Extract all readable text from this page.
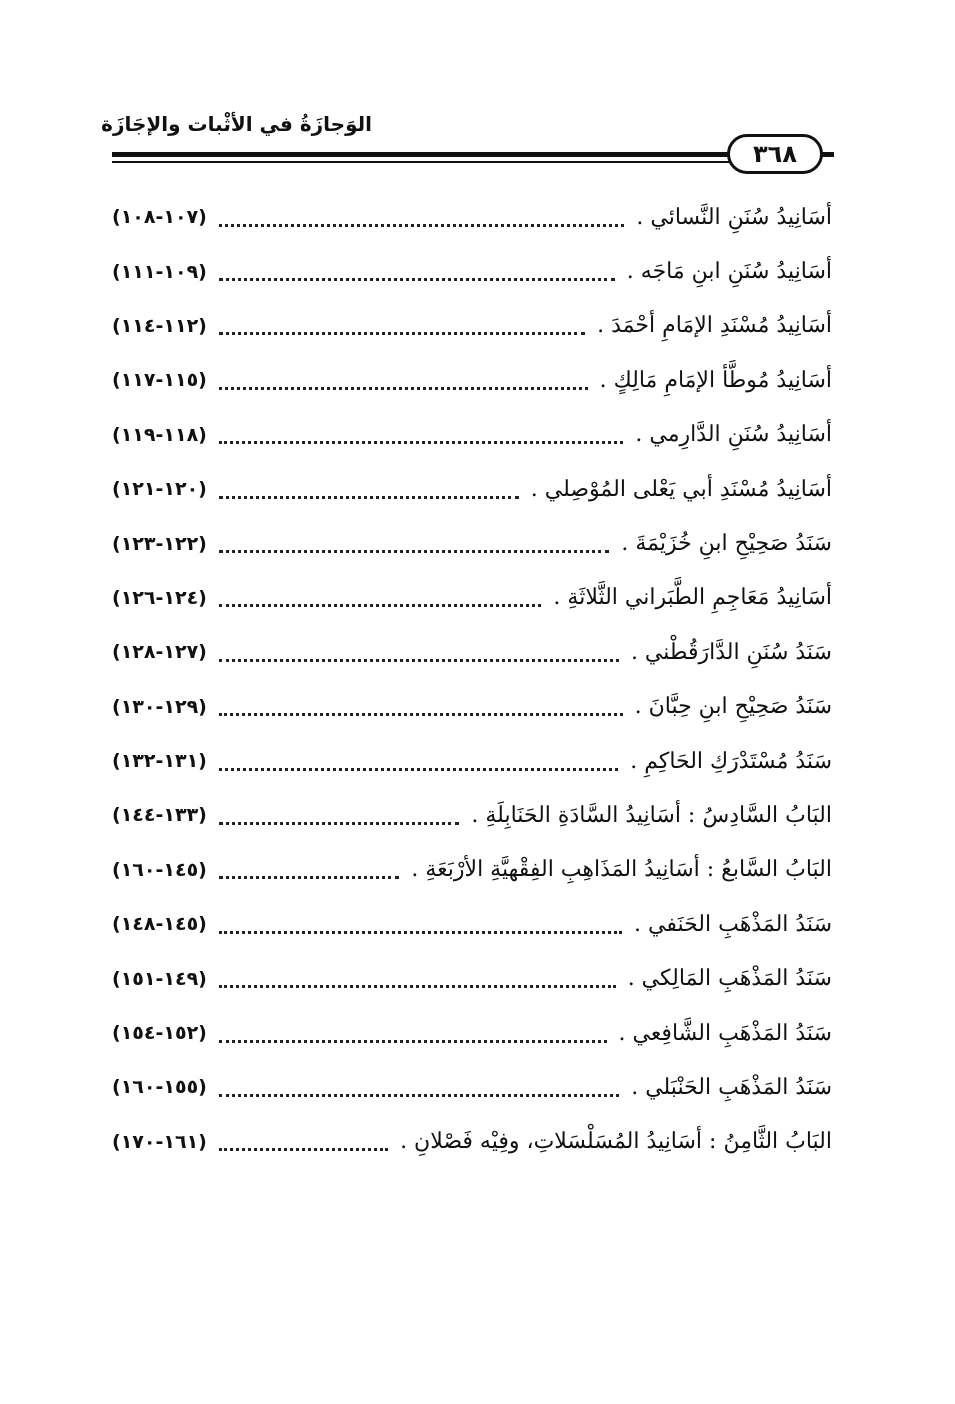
الوَجازَةُ في الأثْبات والإجَازَة
٣٦٨
(١٠٧-١٠٨)	أسَانِيدُ سُنَنِ النَّسائي .
(١٠٩-١١١)	أسَانِيدُ سُنَنِ ابنِ مَاجَه .
(١١٢-١١٤)	أسَانِيدُ مُسْنَدِ الإمَامِ أحْمَدَ .
(١١٥-١١٧)	أسَانِيدُ مُوطَّأ الإمَامِ مَالِكٍ .
(١١٨-١١٩)	أسَانِيدُ سُنَنِ الدَّارِمي .
(١٢٠-١٢١)	أسَانِيدُ مُسْنَدِ أبي يَعْلى المُوْصِلي .
(١٢٢-١٢٣)	سَنَدُ صَحِيْحِ ابنِ خُزَيْمَةَ .
(١٢٤-١٢٦)	أسَانِيدُ مَعَاجِمِ الطَّبَراني الثَّلاثَةِ .
(١٢٧-١٢٨)	سَنَدُ سُنَنِ الدَّارَقُطْني .
(١٢٩-١٣٠)	سَنَدُ صَحِيْحِ ابنِ حِبَّانَ .
(١٣١-١٣٢)	سَنَدُ مُسْتَدْرَكِ الحَاكِمِ .
(١٣٣-١٤٤)	البَابُ السَّادِسُ : أسَانِيدُ السَّادَةِ الحَنَابِلَةِ .
(١٤٥-١٦٠)	البَابُ السَّابعُ : أسَانِيدُ المَذَاهِبِ الفِقْهيَّةِ الأرْبَعَةِ .
(١٤٥-١٤٨)	سَنَدُ المَذْهَبِ الحَنَفي .
(١٤٩-١٥١)	سَنَدُ المَذْهَبِ المَالِكي .
(١٥٢-١٥٤)	سَنَدُ المَذْهَبِ الشَّافِعي .
(١٥٥-١٦٠)	سَنَدُ المَذْهَبِ الحَنْبَلي .
(١٦١-١٧٠)	البَابُ الثَّامِنُ : أسَانِيدُ المُسَلْسَلاتِ، وفِيْه فَصْلانِ .
